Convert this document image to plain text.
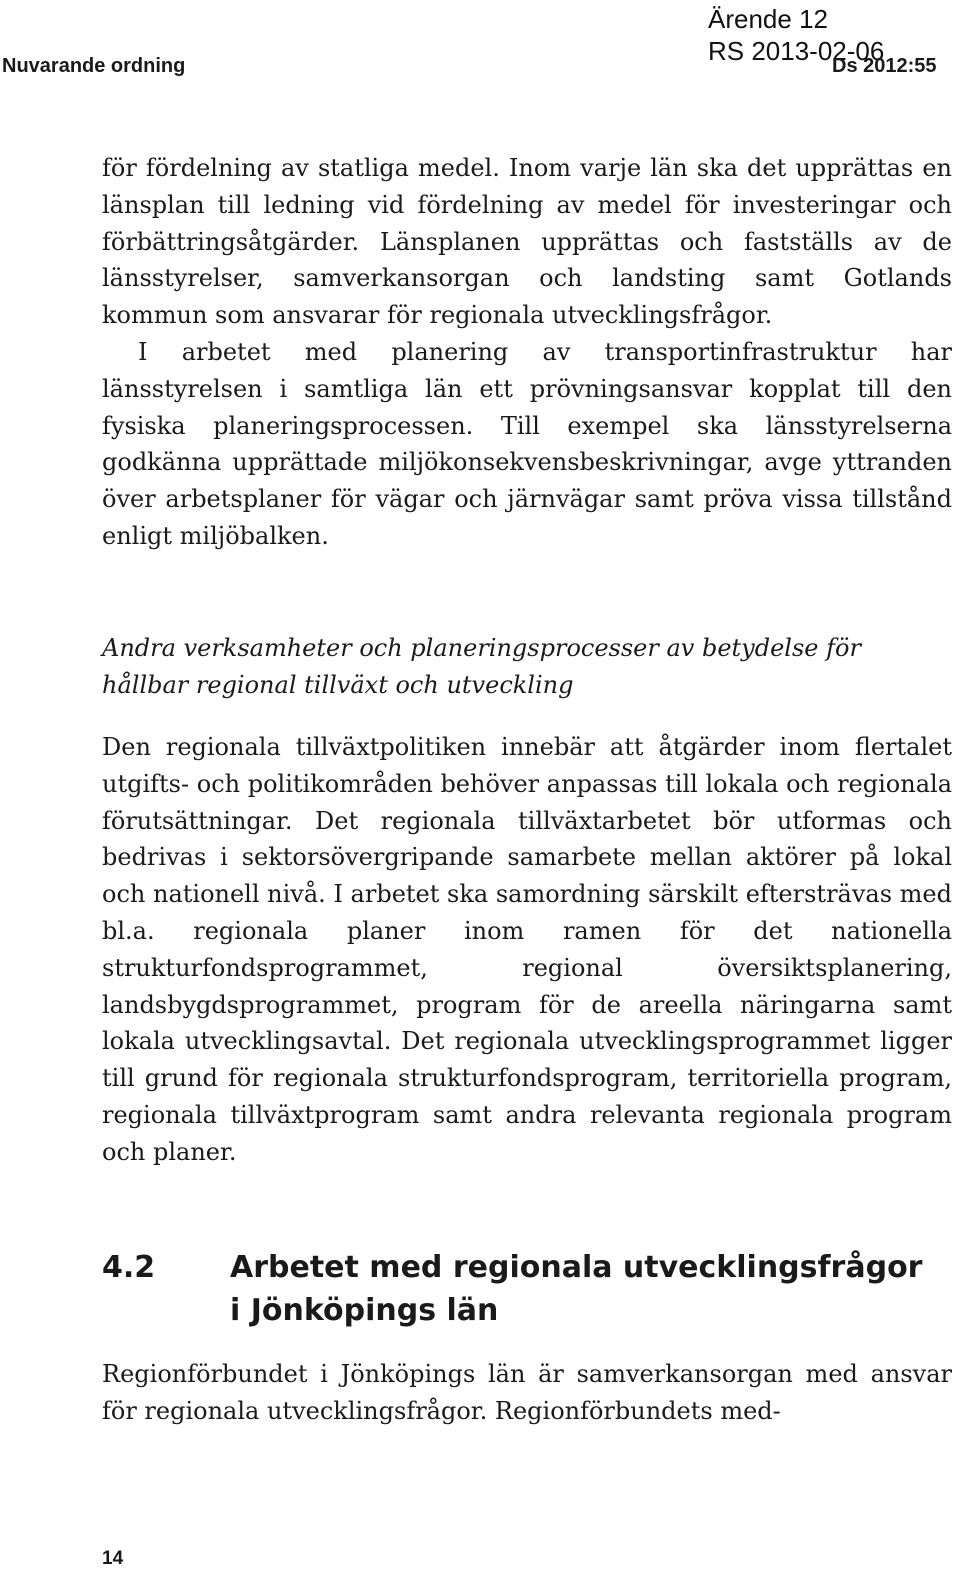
Nuvarande ordning
Ärende 12
RS 2013-02-06
Ds 2012:55

för fördelning av statliga medel. Inom varje län ska det upprättas en länsplan till ledning vid fördelning av medel för investeringar och förbättringsåtgärder. Länsplanen upprättas och fastställs av de länsstyrelser, samverkansorgan och landsting samt Gotlands kommun som ansvarar för regionala utvecklingsfrågor.

I arbetet med planering av transportinfrastruktur har länsstyrelsen i samtliga län ett prövningsansvar kopplat till den fysiska planeringsprocessen. Till exempel ska länsstyrelserna godkänna upprättade miljökonsekvensbeskrivningar, avge yttranden över arbetsplaner för vägar och järnvägar samt pröva vissa tillstånd enligt miljöbalken.

Andra verksamheter och planeringsprocesser av betydelse för hållbar regional tillväxt och utveckling

Den regionala tillväxtpolitiken innebär att åtgärder inom flertalet utgifts- och politikområden behöver anpassas till lokala och regionala förutsättningar. Det regionala tillväxtarbetet bör utformas och bedrivas i sektorsövergripande samarbete mellan aktörer på lokal och nationell nivå. I arbetet ska samordning särskilt eftersträvas med bl.a. regionala planer inom ramen för det nationella strukturfondsprogrammet, regional översiktsplanering, landsbygdsprogrammet, program för de areella näringarna samt lokala utvecklingsavtal. Det regionala utvecklingsprogrammet ligger till grund för regionala strukturfondsprogram, territoriella program, regionala tillväxtprogram samt andra relevanta regionala program och planer.

4.2 Arbetet med regionala utvecklingsfrågor i Jönköpings län

Regionförbundet i Jönköpings län är samverkansorgan med ansvar för regionala utvecklingsfrågor. Regionförbundets med-

14
